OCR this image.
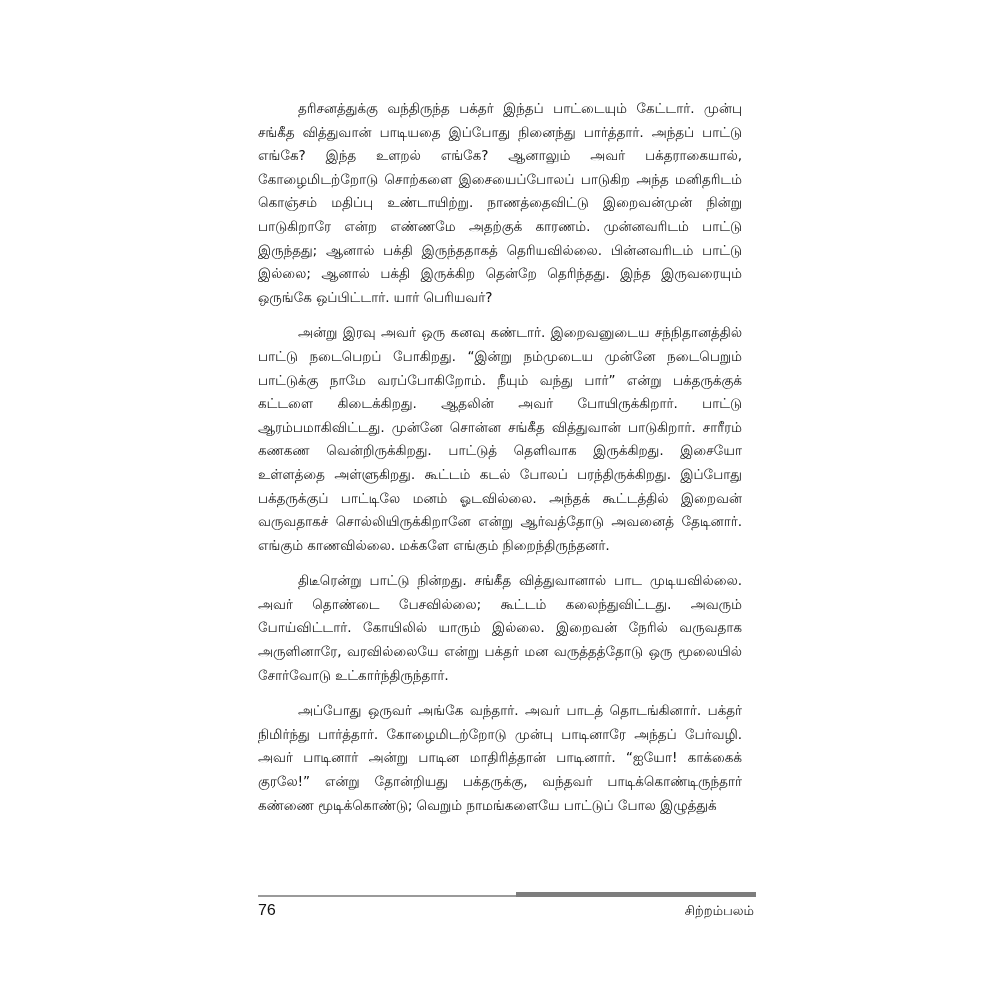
தரிசனத்துக்கு வந்திருந்த பக்தர் இந்தப் பாட்டையும் கேட்டார். முன்பு சங்கீத வித்துவான் பாடியதை இப்போது நினைந்து பார்த்தார். அந்தப் பாட்டு எங்கே? இந்த உளறல் எங்கே? ஆனாலும் அவர் பக்தராகையால், கோழைமிடற்றோடு சொற்களை இசையைப்போலப் பாடுகிற அந்த மனிதரிடம் கொஞ்சம் மதிப்பு உண்டாயிற்று. நாணத்தைவிட்டு இறைவன்முன் நின்று பாடுகிறாரே என்ற எண்ணமே அதற்குக் காரணம். முன்னவரிடம் பாட்டு இருந்தது; ஆனால் பக்தி இருந்ததாகத் தெரியவில்லை. பின்னவரிடம் பாட்டு இல்லை; ஆனால் பக்தி இருக்கிற தென்றே தெரிந்தது. இந்த இருவரையும் ஒருங்கே ஒப்பிட்டார். யார் பெரியவர்?

அன்று இரவு அவர் ஒரு கனவு கண்டார். இறைவனுடைய சந்நிதானத்தில் பாட்டு நடைபெறப் போகிறது. “இன்று நம்முடைய முன்னே நடைபெறும் பாட்டுக்கு நாமே வரப்போகிறோம். நீயும் வந்து பார்” என்று பக்தருக்குக் கட்டளை கிடைக்கிறது. ஆதலின் அவர் போயிருக்கிறார். பாட்டு ஆரம்பமாகிவிட்டது. முன்னே சொன்ன சங்கீத வித்துவான் பாடுகிறார். சாரீரம் கணகண வென்றிருக்கிறது. பாட்டுத் தெளிவாக இருக்கிறது. இசையோ உள்ளத்தை அள்ளுகிறது. கூட்டம் கடல் போலப் பரந்திருக்கிறது. இப்போது பக்தருக்குப் பாட்டிலே மனம் ஓடவில்லை. அந்தக் கூட்டத்தில் இறைவன் வருவதாகச் சொல்லியிருக்கிறானே என்று ஆர்வத்தோடு அவனைத் தேடினார். எங்கும் காணவில்லை. மக்களே எங்கும் நிறைந்திருந்தனர்.

திடீரென்று பாட்டு நின்றது. சங்கீத வித்துவானால் பாட முடியவில்லை. அவர் தொண்டை பேசவில்லை; கூட்டம் கலைந்துவிட்டது. அவரும் போய்விட்டார். கோயிலில் யாரும் இல்லை. இறைவன் நேரில் வருவதாக அருளினாரே, வரவில்லையே என்று பக்தர் மன வருத்தத்தோடு ஒரு மூலையில் சோர்வோடு உட்கார்ந்திருந்தார்.

அப்போது ஒருவர் அங்கே வந்தார். அவர் பாடத் தொடங்கினார். பக்தர் நிமிர்ந்து பார்த்தார். கோழைமிடற்றோடு முன்பு பாடினாரே அந்தப் பேர்வழி. அவர் பாடினார் அன்று பாடின மாதிரித்தான் பாடினார். “ஐயோ! காக்கைக் குரலே!” என்று தோன்றியது பக்தருக்கு, வந்தவர் பாடிக்கொண்டிருந்தார் கண்ணை மூடிக்கொண்டு; வெறும் நாமங்களையே பாட்டுப் போல இழுத்துக்

76	சிற்றம்பலம்
